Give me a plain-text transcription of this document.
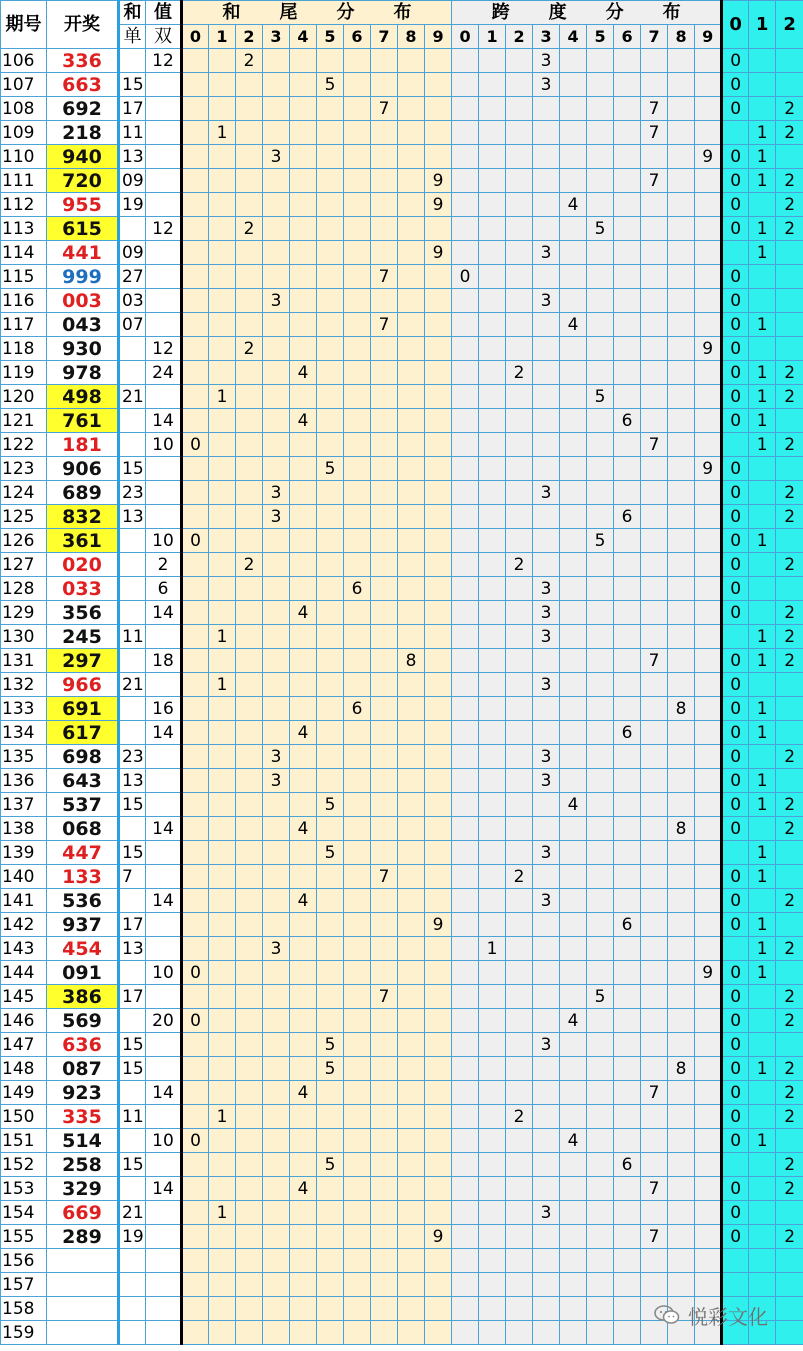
期号	开奖	和	值	和 尾 分 布										跨 度 分 布										0	1	2
		单	双	0	1	2	3	4	5	6	7	8	9	0	1	2	3	4	5	6	7	8	9			
106	336		12			2											3							0		
107	663	15							5								3							0		
108	692	17									7										7			0		2
109	218	11			1																7				1	2
110	940	13					3																9	0	1	
111	720	09											9								7			0	1	2
112	955	19											9					4						0		2
113	615		12			2													5					0	1	2
114	441	09											9				3								1	
115	999	27									7			0										0		
116	003	03					3										3							0		
117	043	07									7							4						0	1	
118	930		12			2																	9	0		
119	978		24					4								2								0	1	2
120	498	21			1														5					0	1	2
121	761		14					4												6				0	1	
122	181		10	0																	7				1	2
123	906	15							5														9	0		
124	689	23					3										3							0		2
125	832	13					3													6				0		2
126	361		10	0															5					0	1	
127	020		2			2										2								0		2
128	033		6							6							3							0		
129	356		14					4									3							0		2
130	245	11			1												3								1	2
131	297		18									8									7			0	1	2
132	966	21			1												3							0		
133	691		16							6												8		0	1	
134	617		14					4												6				0	1	
135	698	23					3										3							0		2
136	643	13					3										3							0	1	
137	537	15							5									4						0	1	2
138	068		14					4														8		0		2
139	447	15							5								3								1	
140	133	7									7					2								0	1	
141	536		14					4									3							0		2
142	937	17											9							6				0	1	
143	454	13					3								1										1	2
144	091		10	0																			9	0	1	
145	386	17									7								5					0		2
146	569		20	0														4						0		2
147	636	15							5								3							0		
148	087	15							5													8		0	1	2
149	923		14					4													7			0		2
150	335	11			1											2								0		2
151	514		10	0														4						0	1	
152	258	15							5											6						2
153	329		14					4													7			0		2
154	669	21			1												3							0		
155	289	19											9								7			0		2
156																										
157																										
158																										
159																										
悦彩文化
